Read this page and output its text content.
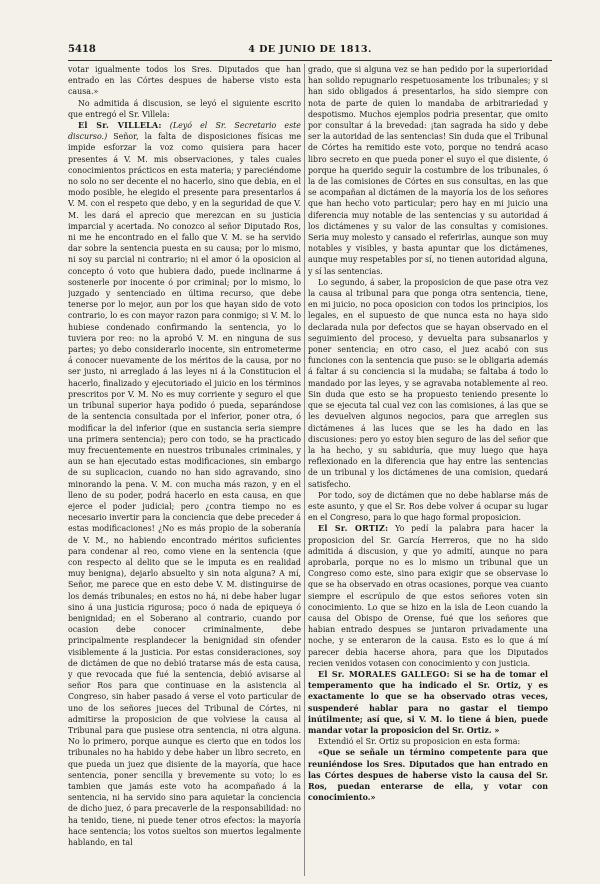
5418	4 DE JUNIO DE 1813.

votar igualmente todos los Sres. Diputados que han entrado en las Córtes despues de haberse visto esta causa.»

No admitida á discusion, se leyó el siguiente escrito que entregó el Sr. Villela:

El Sr. VILLELA: (Leyó el Sr. Secretario este discurso.) Señor, la falta de disposiciones físicas me impide esforzar la voz como quisiera para hacer presentes á V. M. mis observaciones, y tales cuales conocimientos prácticos en esta materia; y pareciéndome no solo no ser decente el no hacerlo, sino que debia, en el modo posible, he elegido el presente para presentarlos á V. M. con el respeto que debo, y en la seguridad de que V. M. les dará el aprecio que merezcan en su justicia imparcial y acertada. No conozco al señor Diputado Ros, ni me he encontrado en el fallo que V. M. se ha servido dar sobre la sentencia puesta en su causa; por lo mismo, ni soy su parcial ni contrario; ni el amor ó la oposicion al concepto ó voto que hubiera dado, puede inclinarme á sostenerle por inocente ó por criminal; por lo mismo, lo juzgado y sentenciado en última recurso, que debe tenerse por lo mejor, aun por los que hayan sido de voto contrario, lo es con mayor razon para conmigo; si V. M. lo hubiese condenado confirmando la sentencia, yo lo tuviera por reo: no la aprobó V. M. en ninguna de sus partes; yo debo considerarlo inocente, sin entrometerme á conocer nuevamente de los méritos de la causa, por no ser justo, ni arreglado á las leyes ni á la Constitucion el hacerlo, finalizado y ejecutoriado el juicio en los términos prescritos por V. M. No es muy corriente y seguro el que un tribunal superior haya podido ó pueda, separándose de la sentencia consultada por el inferior, poner otra, ó modificar la del inferior (que en sustancia seria siempre una primera sentencia); pero con todo, se ha practicado muy frecuentemente en nuestros tribunales criminales, y aun se han ejecutado estas modificaciones, sin embargo de su suplicacion, cuando no han sido agravando, sino minorando la pena. V. M. con mucha más razon, y en el lleno de su poder, podrá hacerlo en esta causa, en que ejerce el poder judicial; pero ¿contra tiempo no es necesario invertir para la conciencia que debe preceder á estas modificaciones! ¿No es más propio de la soberanía de V. M., no habiendo encontrado méritos suficientes para condenar al reo, como viene en la sentencia (que con respecto al delito que se le imputa es en realidad muy benigna), dejarlo absuelto y sin nota alguna? A mí, Señor, me parece que en esto debe V. M. distinguirse de los demás tribunales; en estos no há, ni debe haber lugar sino á una justicia rigurosa; poco ó nada de epiqueya ó benignidad; en el Soberano al contrario, cuando por ocasion debe conocer criminalmente, debe principalmente resplandecer la benignidad sin ofender visiblemente á la justicia. Por estas consideraciones, soy de dictámen de que no debió tratarse más de esta causa, y que revocada que fué la sentencia, debió avisarse al señor Ros para que continuase en la asistencia al Congreso, sin haber pasado á verse el voto particular de uno de los señores jueces del Tribunal de Córtes, ni admitirse la proposicion de que volviese la causa al Tribunal para que pusiese otra sentencia, ni otra alguna. No lo primero, porque aunque es cierto que en todos los tribunales no ha habido y debe haber un libro secreto, en que pueda un juez que disiente de la mayoría, que hace sentencia, poner sencilla y brevemente su voto; lo es tambien que jamás este voto ha acompañado á la sentencia, ni ha servido sino para aquietar la conciencia de dicho juez, ó para precaverle de la responsabilidad: no ha tenido, tiene, ni puede tener otros efectos: la mayoría hace sentencia; los votos sueltos son muertos legalmente hablando, en tal

grado, que si alguna vez se han pedido por la superioridad han solido repugnarlo respetuosamente los tribunales; y si han sido obligados á presentarlos, ha sido siempre con nota de parte de quien lo mandaba de arbitrariedad y despotismo. Muchos ejemplos podria presentar, que omito por consultar á la brevedad: ¡tan sagrada ha sido y debe ser la autoridad de las sentencias! Sin duda que el Tribunal de Córtes ha remitido este voto, porque no tendrá acaso libro secreto en que pueda poner el suyo el que disiente, ó porque ha querido seguir la costumbre de los tribunales, ó la de las comisiones de Córtes en sus consultas, en las que se acompañan al dictámen de la mayoría los de los señores que han hecho voto particular; pero hay en mi juicio una diferencia muy notable de las sentencias y su autoridad á los dictámenes y su valor de las consultas y comisiones. Seria muy molesto y cansado el referirlas, aunque son muy notables y visibles, y basta apuntar que los dictámenes, aunque muy respetables por sí, no tienen autoridad alguna, y sí las sentencias.

Lo segundo, á saber, la proposicion de que pase otra vez la causa al tribunal para que ponga otra sentencia, tiene, en mi juicio, no poca oposicion con todos los principios, los legales, en el supuesto de que nunca esta no haya sido declarada nula por defectos que se hayan observado en el seguimiento del proceso, y devuelta para subsanarlos y poner sentencia; en otro caso, el juez acabó con sus funciones con la sentencia que puso: se le obligaria además á faltar á su conciencia si la mudaba; se faltaba á todo lo mandado por las leyes, y se agravaba notablemente al reo. Sin duda que esto se ha propuesto teniendo presente lo que se ejecuta tal cual vez con las comisiones, á las que se les devuelven algunos negocios, para que arreglen sus dictámenes á las luces que se les ha dado en las discusiones: pero yo estoy bien seguro de las del señor que la ha hecho, y su sabiduría, que muy luego que haya reflexionado en la diferencia que hay entre las sentencias de un tribunal y los dictámenes de una comision, quedará satisfecho.

Por todo, soy de dictámen que no debe hablarse más de este asunto, y que el Sr. Ros debe volver á ocupar su lugar en el Congreso, para lo que hago formal proposicion.

El Sr. ORTIZ: Yo pedí la palabra para hacer la proposicion del Sr. García Herreros, que no ha sido admitida á discusion, y que yo admití, aunque no para aprobarla, porque no es lo mismo un tribunal que un Congreso como este, sino para exigir que se observase lo que se ha observado en otras ocasiones, porque vea cuanto siempre el escrúpulo de que estos señores voten sin conocimiento. Lo que se hizo en la isla de Leon cuando la causa del Obispo de Orense, fué que los señores que habian entrado despues se juntaron privadamente una noche, y se enteraron de la causa. Esto es lo que á mí parecer debia hacerse ahora, para que los Diputados recien venidos votasen con conocimiento y con justicia.

El Sr. MORALES GALLEGO: Si se ha de tomar el temperamento que ha indicado el Sr. Ortiz, y es exactamente lo que se ha observado otras veces, suspenderé hablar para no gastar el tiempo inútilmente; así que, si V. M. lo tiene á bien, puede mandar votar la proposicion del Sr. Ortiz. »

Extendió el Sr. Ortiz su proposicion en esta forma:

«Que se señale un término competente para que reuniéndose los Sres. Diputados que han entrado en las Córtes despues de haberse visto la causa del Sr. Ros, puedan enterarse de ella, y votar con conocimiento.»
